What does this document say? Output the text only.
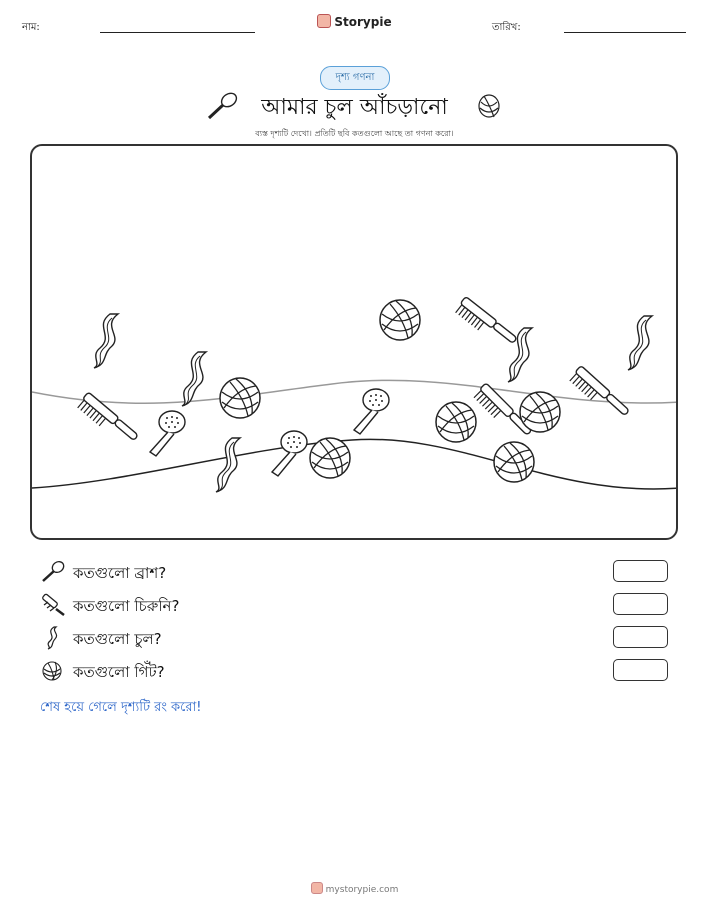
নাম:	Storypie	তারিখ:
দৃশ্য গণনা
আমার চুল আঁচড়ানো
ব্যস্ত দৃশ্যটি দেখো। প্রতিটি ছবি কতগুলো আছে তা গণনা করো।
কতগুলো ব্রাশ?
কতগুলো চিরুনি?
কতগুলো চুল?
কতগুলো গিঁট?
শেষ হয়ে গেলে দৃশ্যটি রং করো!
mystorypie.com
